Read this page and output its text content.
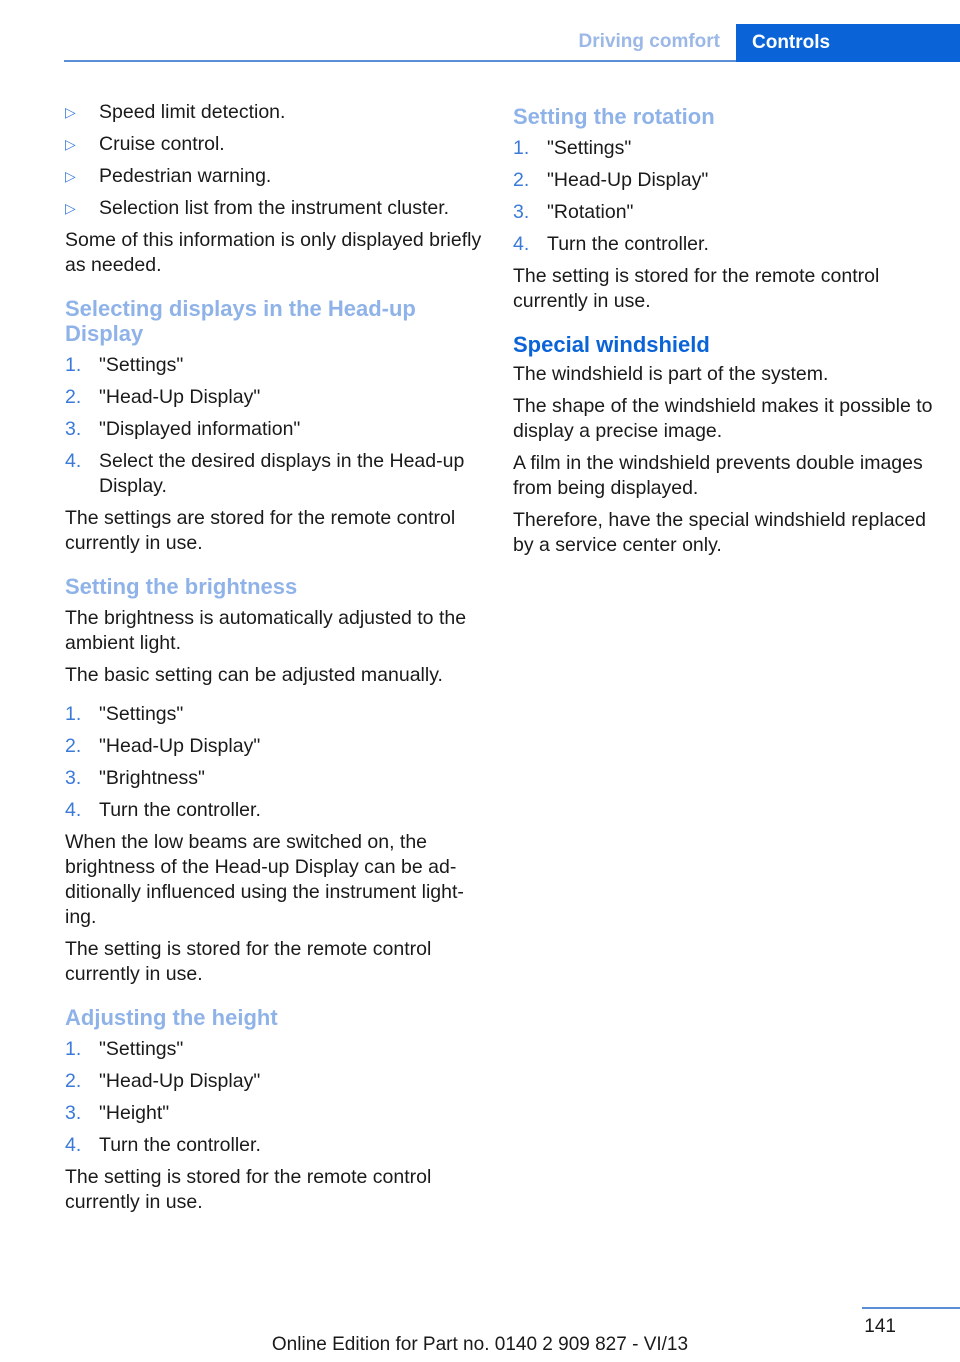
Driving comfort	Controls
▷ Speed limit detection.
▷ Cruise control.
▷ Pedestrian warning.
▷ Selection list from the instrument cluster.

Some of this information is only displayed briefly as needed.

Selecting displays in the Head-up Display
1. "Settings"
2. "Head-Up Display"
3. "Displayed information"
4. Select the desired displays in the Head-up Display.

The settings are stored for the remote control currently in use.

Setting the brightness

The brightness is automatically adjusted to the ambient light.

The basic setting can be adjusted manually.

1. "Settings"
2. "Head-Up Display"
3. "Brightness"
4. Turn the controller.

When the low beams are switched on, the brightness of the Head-up Display can be additionally influenced using the instrument lighting.

The setting is stored for the remote control currently in use.

Adjusting the height
1. "Settings"
2. "Head-Up Display"
3. "Height"
4. Turn the controller.

The setting is stored for the remote control currently in use.

Setting the rotation
1. "Settings"
2. "Head-Up Display"
3. "Rotation"
4. Turn the controller.

The setting is stored for the remote control currently in use.

Special windshield

The windshield is part of the system.

The shape of the windshield makes it possible to display a precise image.

A film in the windshield prevents double images from being displayed.

Therefore, have the special windshield replaced by a service center only.

141
Online Edition for Part no. 0140 2 909 827 - VI/13
